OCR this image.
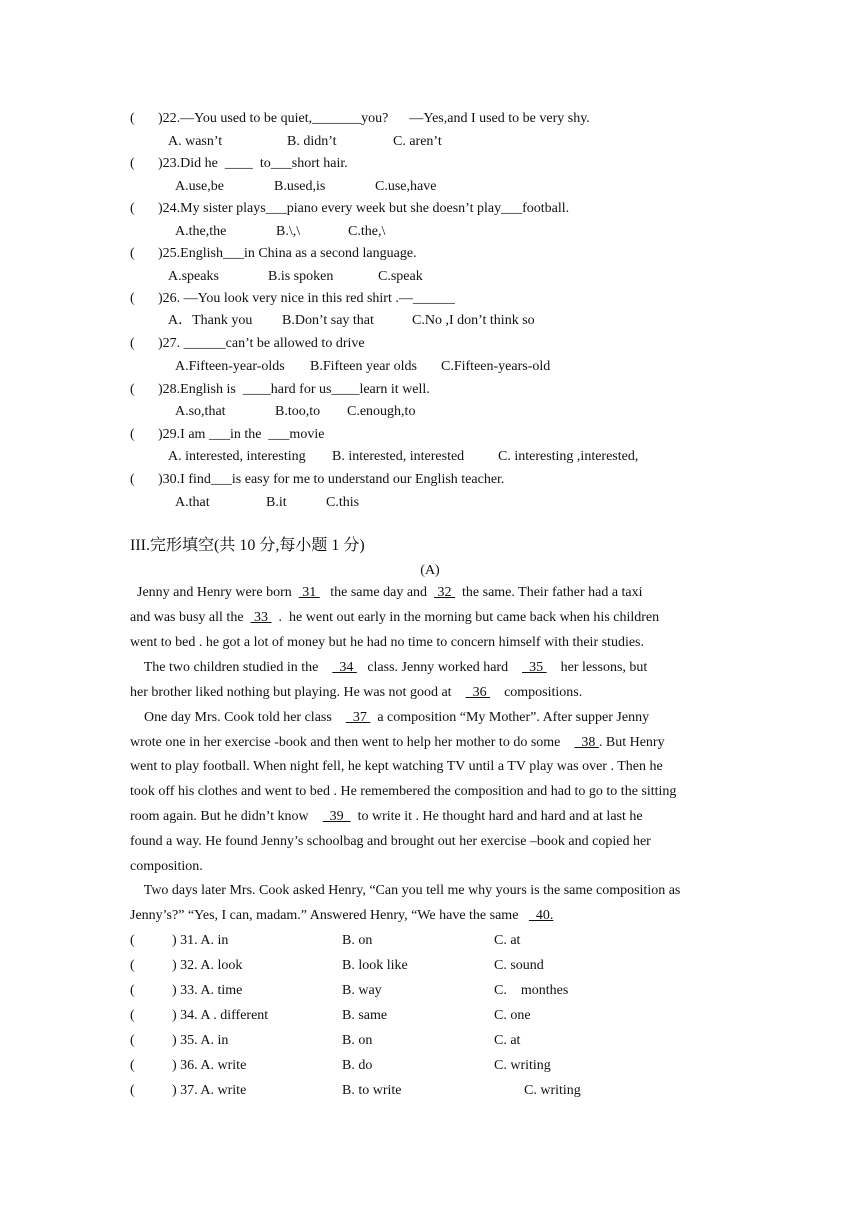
( )22.—You used to be quiet,_______you?      —Yes,and I used to be very shy.
A. wasn’t	B. didn’t	C. aren’t
( )23.Did he  ____  to___short hair.
A.use,be	B.used,is	C.use,have
( )24.My sister plays___piano every week but she doesn’t play___football.
A.the,the	B.\,\	C.the,\
( )25.English___in China as a second language.
A.speaks	B.is spoken	C.speak
( )26. —You look very nice in this red shirt .—______
A．Thank you B.Don’t say that	C.No ,I don’t think so
( )27. ______can’t be allowed to drive
A.Fifteen-year-olds B.Fifteen year olds C.Fifteen-years-old
( )28.English is  ____hard for us____learn it well.
A.so,that	B.too,to C.enough,to
( )29.I am ___in the  ___movie
A. interested, interesting B. interested, interested C. interesting ,interested,
( )30.I find___is easy for me to understand our English teacher.
A.that	B.it	C.this
III.完形填空(共 10 分,每小题 1 分)
(A)
Jenny and Henry were born   31    the same day and   32   the same. Their father had a taxi
and was busy all the   33   .  he went out early in the morning but came back when his children
went to bed . he got a lot of money but he had no time to concern himself with their studies.
The two children studied in the      34    class. Jenny worked hard      35     her lessons, but
her brother liked nothing but playing. He was not good at      36     compositions.
One day Mrs. Cook told her class      37   a composition “My Mother”. After supper Jenny
wrote one in her exercise -book and then went to help her mother to do some      38 . But Henry
went to play football. When night fell, he kept watching TV until a TV play was over . Then he
took off his clothes and went to bed . He remembered the composition and had to go to the sitting
room again. But he didn’t know      39    to write it . He thought hard and hard and at last he
found a way. He found Jenny’s schoolbag and brought out her exercise –book and copied her
composition.
Two days later Mrs. Cook asked Henry, “Can you tell me why yours is the same composition as
Jenny’s?” “Yes, I can, madam.” Answered Henry, “We have the same     40.
(	) 31. A. in	B. on	C. at
(	) 32. A. look	B. look like	C. sound
(	) 33. A. time	B. way	C.    monthes
(	) 34. A . different	B. same	C. one
(	) 35. A. in	B. on	C. at
(	) 36. A. write	B. do	C. writing
(	) 37. A. write	B. to write	C. writing
